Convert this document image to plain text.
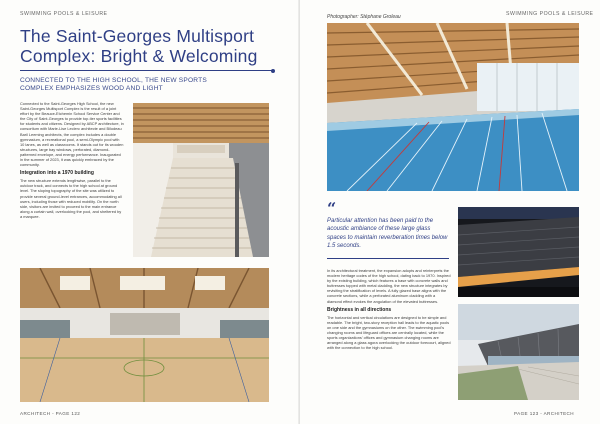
SWIMMING POOLS & LEISURE
The Saint-Georges Multisport Complex: Bright & Welcoming
CONNECTED TO THE HIGH SCHOOL, THE NEW SPORTS COMPLEX EMPHASIZES WOOD AND LIGHT

Connected to the Saint-Georges High School, the new Saint-Georges Multisport Complex is the result of a joint effort by the Beauce-Etchemin School Service Center and the City of Saint-Georges to provide top-tier sports facilities for students and citizens. Designed by ABCP architecture, in consortium with Marie-Lise Leclerc architecte and Bilodeau Baril Leeming architects, the complex includes a double gymnasium, a recreational pool, a semi-Olympic pool with 10 lanes, as well as classrooms. It stands out for its wooden structures, large bay windows, perforated, diamond-patterned envelope, and energy performance. Inaugurated in the summer of 2023, it was quickly embraced by the community.

Integration into a 1970 building

The new structure extends lengthwise, parallel to the outdoor track, and connects to the high school at ground level. The sloping topography of the site was utilized to provide several ground-level entrances, accommodating all users, including those with reduced mobility. On the north side, visitors are invited to proceed to the main entrance along a curtain wall, overlooking the pool, and sheltered by a marquee.

ARCHITECH - PAGE 122
Photographer: Stéphane Groleau	SWIMMING POOLS & LEISURE
“
Particular attention has been paid to the acoustic ambiance of these large glass spaces to maintain reverberation times below 1.5 seconds.

In its architectural treatment, the expansion adopts and reinterprets the modern heritage codes of the high school, dating back to 1970. Inspired by the existing building, which features a base with concrete walls and buttresses topped with metal cladding, the new structure integrates by revisiting the stratification of levels. A fully glazed base aligns with the concrete sections, while a perforated aluminum cladding with a diamond effect evokes the angulation of the elevated buttresses.

Brightness in all directions

The horizontal and vertical circulations are designed to be simple and readable. The bright, two-story reception hall leads to the aquatic pools on one side and the gymnasiums on the other. The swimming pool's changing rooms and lifeguard offices are centrally located, while the sports organizations' offices and gymnasium changing rooms are arranged along a glass agora overlooking the outdoor forecourt, aligned with the connection to the high school.

PAGE 123 - ARCHITECH
